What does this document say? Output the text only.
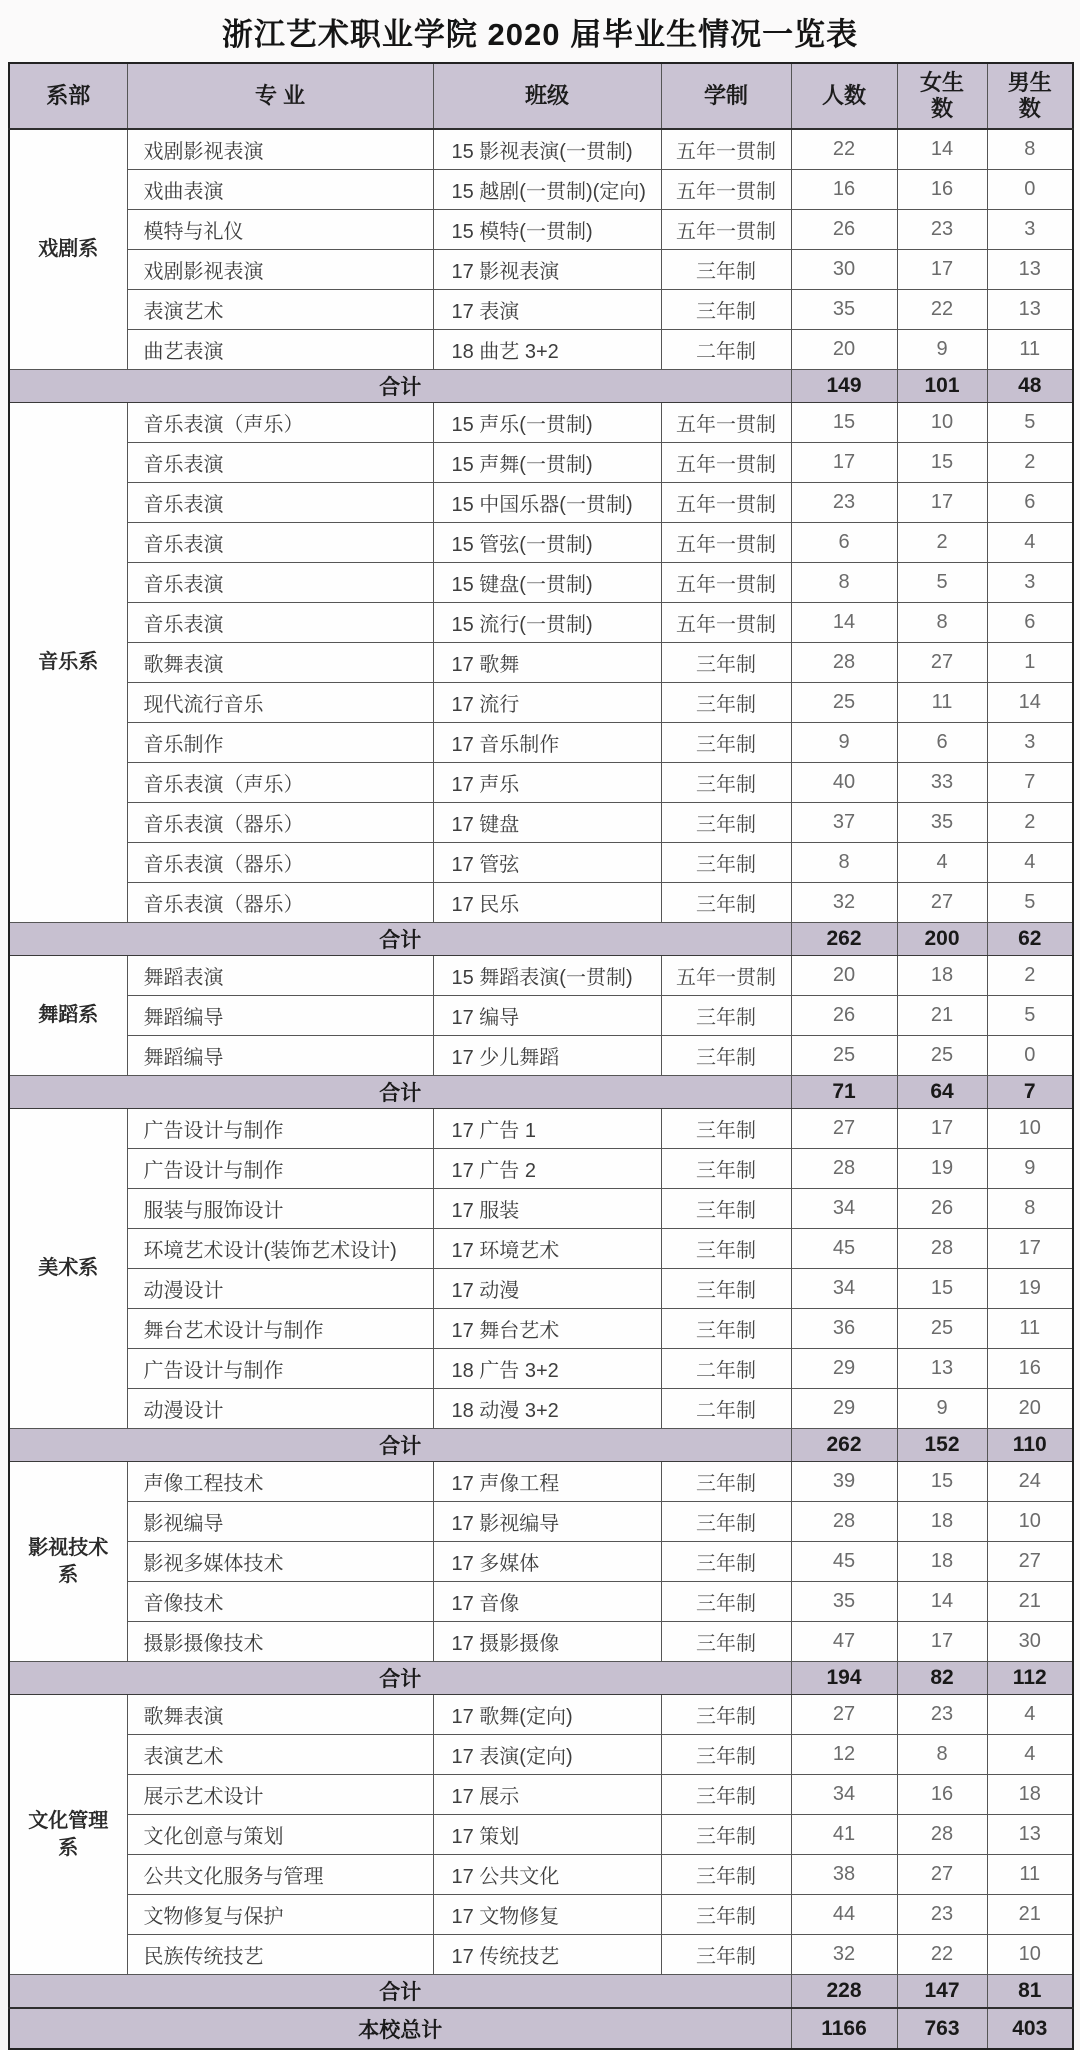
浙江艺术职业学院 2020 届毕业生情况一览表
系部	专 业	班级	学制	人数	女生数	男生数
戏剧系	戏剧影视表演	15 影视表演(一贯制)	五年一贯制	22	14	8
	戏曲表演	15 越剧(一贯制)(定向)	五年一贯制	16	16	0
	模特与礼仪	15 模特(一贯制)	五年一贯制	26	23	3
	戏剧影视表演	17 影视表演	三年制	30	17	13
	表演艺术	17 表演	三年制	35	22	13
	曲艺表演	18 曲艺 3+2	二年制	20	9	11
合计				149	101	48
音乐系	音乐表演（声乐）	15 声乐(一贯制)	五年一贯制	15	10	5
	音乐表演	15 声舞(一贯制)	五年一贯制	17	15	2
	音乐表演	15 中国乐器(一贯制)	五年一贯制	23	17	6
	音乐表演	15 管弦(一贯制)	五年一贯制	6	2	4
	音乐表演	15 键盘(一贯制)	五年一贯制	8	5	3
	音乐表演	15 流行(一贯制)	五年一贯制	14	8	6
	歌舞表演	17 歌舞	三年制	28	27	1
	现代流行音乐	17 流行	三年制	25	11	14
	音乐制作	17 音乐制作	三年制	9	6	3
	音乐表演（声乐）	17 声乐	三年制	40	33	7
	音乐表演（器乐）	17 键盘	三年制	37	35	2
	音乐表演（器乐）	17 管弦	三年制	8	4	4
	音乐表演（器乐）	17 民乐	三年制	32	27	5
合计				262	200	62
舞蹈系	舞蹈表演	15 舞蹈表演(一贯制)	五年一贯制	20	18	2
	舞蹈编导	17 编导	三年制	26	21	5
	舞蹈编导	17 少儿舞蹈	三年制	25	25	0
合计				71	64	7
美术系	广告设计与制作	17 广告 1	三年制	27	17	10
	广告设计与制作	17 广告 2	三年制	28	19	9
	服装与服饰设计	17 服装	三年制	34	26	8
	环境艺术设计(装饰艺术设计)	17 环境艺术	三年制	45	28	17
	动漫设计	17 动漫	三年制	34	15	19
	舞台艺术设计与制作	17 舞台艺术	三年制	36	25	11
	广告设计与制作	18 广告 3+2	二年制	29	13	16
	动漫设计	18 动漫 3+2	二年制	29	9	20
合计				262	152	110
影视技术系	声像工程技术	17 声像工程	三年制	39	15	24
	影视编导	17 影视编导	三年制	28	18	10
	影视多媒体技术	17 多媒体	三年制	45	18	27
	音像技术	17 音像	三年制	35	14	21
	摄影摄像技术	17 摄影摄像	三年制	47	17	30
合计				194	82	112
文化管理系	歌舞表演	17 歌舞(定向)	三年制	27	23	4
	表演艺术	17 表演(定向)	三年制	12	8	4
	展示艺术设计	17 展示	三年制	34	16	18
	文化创意与策划	17 策划	三年制	41	28	13
	公共文化服务与管理	17 公共文化	三年制	38	27	11
	文物修复与保护	17 文物修复	三年制	44	23	21
	民族传统技艺	17 传统技艺	三年制	32	22	10
合计				228	147	81
本校总计				1166	763	403
